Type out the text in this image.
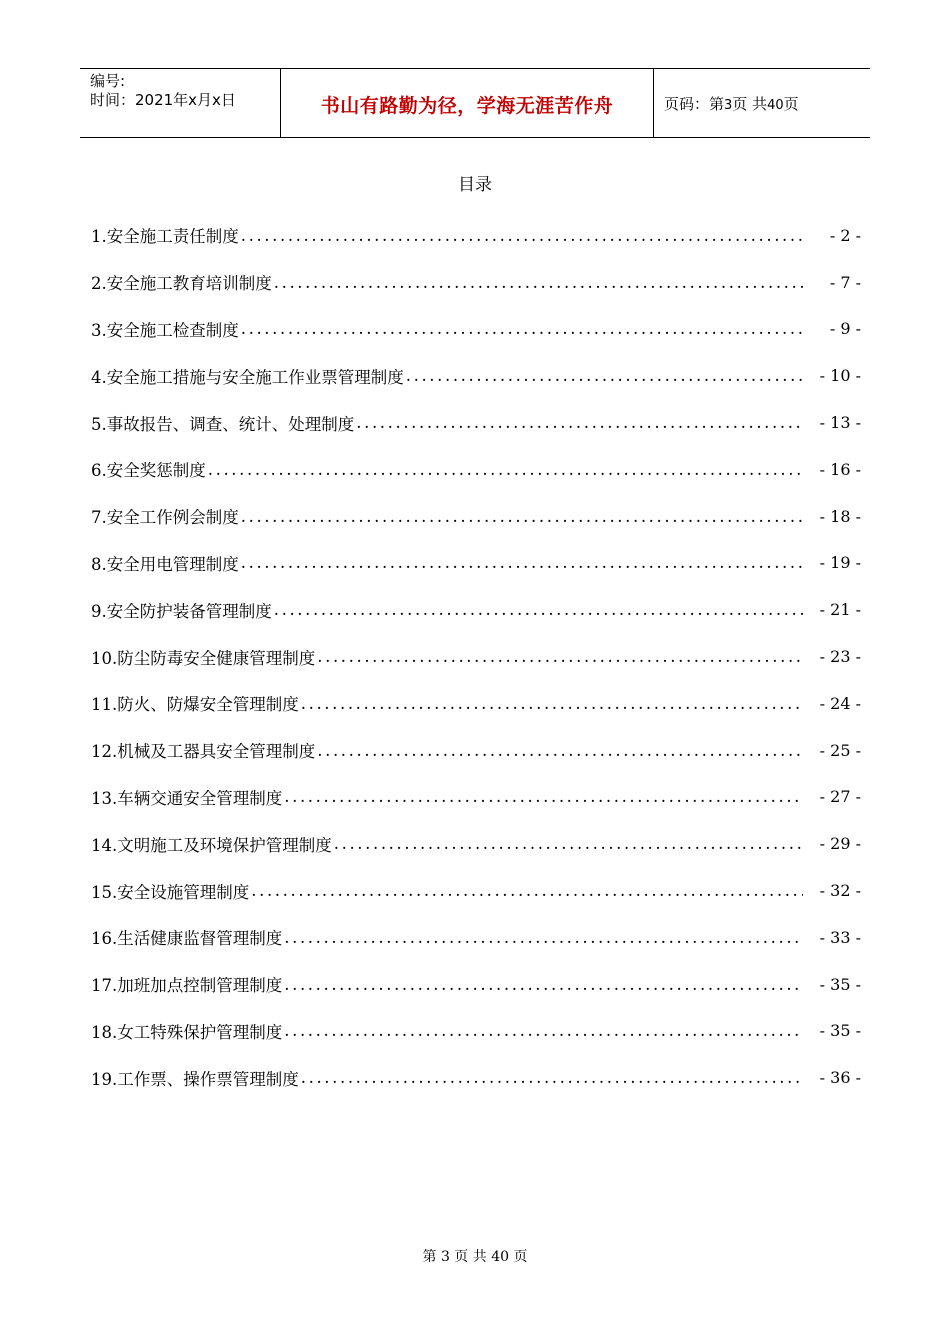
编号:
时间：2021年x月x日	书山有路勤为径，学海无涯苦作舟	页码：第3页 共40页
目录
1.安全施工责任制度 .....	- 2 -
2.安全施工教育培训制度 .....	- 7 -
3.安全施工检查制度 .....	- 9 -
4.安全施工措施与安全施工作业票管理制度 .....	- 10 -
5.事故报告、调查、统计、处理制度 .....	- 13 -
6.安全奖惩制度 .....	- 16 -
7.安全工作例会制度 .....	- 18 -
8.安全用电管理制度 .....	- 19 -
9.安全防护装备管理制度 .....	- 21 -
10.防尘防毒安全健康管理制度 .....	- 23 -
11.防火、防爆安全管理制度 .....	- 24 -
12.机械及工器具安全管理制度 .....	- 25 -
13.车辆交通安全管理制度 .....	- 27 -
14.文明施工及环境保护管理制度 .....	- 29 -
15.安全设施管理制度 .....	- 32 -
16.生活健康监督管理制度 .....	- 33 -
17.加班加点控制管理制度 .....	- 35 -
18.女工特殊保护管理制度 .....	- 35 -
19.工作票、操作票管理制度 .....	- 36 -
第 3 页 共 40 页
